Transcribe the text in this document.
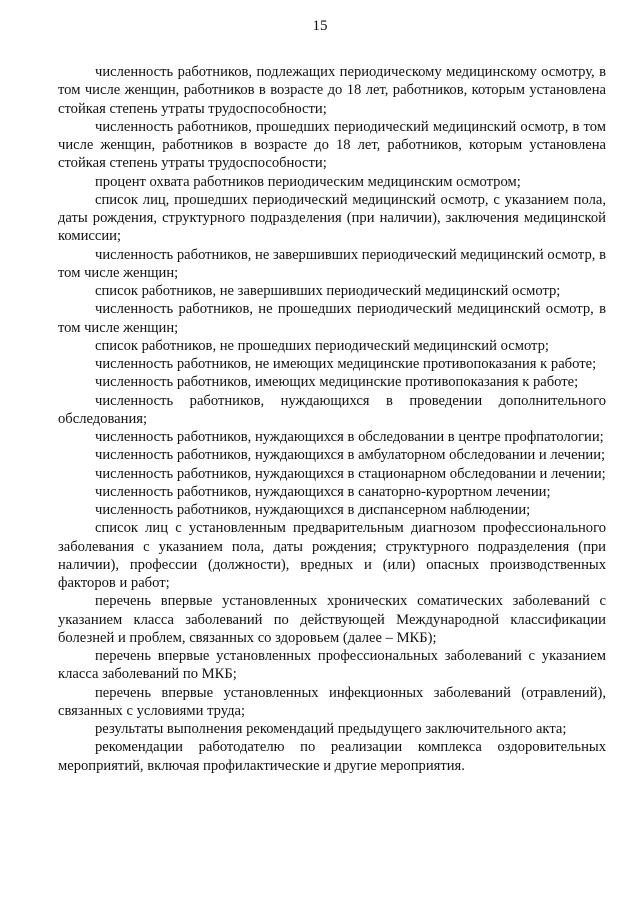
15

численность работников, подлежащих периодическому медицинскому осмотру, в том числе женщин, работников в возрасте до 18 лет, работников, которым установлена стойкая степень утраты трудоспособности;

численность работников, прошедших периодический медицинский осмотр, в том числе женщин, работников в возрасте до 18 лет, работников, которым установлена стойкая степень утраты трудоспособности;

процент охвата работников периодическим медицинским осмотром;

список лиц, прошедших периодический медицинский осмотр, с указанием пола, даты рождения, структурного подразделения (при наличии), заключения медицинской комиссии;

численность работников, не завершивших периодический медицинский осмотр, в том числе женщин;

список работников, не завершивших периодический медицинский осмотр;

численность работников, не прошедших периодический медицинский осмотр, в том числе женщин;

список работников, не прошедших периодический медицинский осмотр;

численность работников, не имеющих медицинские противопоказания к работе;

численность работников, имеющих медицинские противопоказания к работе;

численность работников, нуждающихся в проведении дополнительного обследования;

численность работников, нуждающихся в обследовании в центре профпатологии;

численность работников, нуждающихся в амбулаторном обследовании и лечении;

численность работников, нуждающихся в стационарном обследовании и лечении;

численность работников, нуждающихся в санаторно-курортном лечении;

численность работников, нуждающихся в диспансерном наблюдении;

список лиц с установленным предварительным диагнозом профессионального заболевания с указанием пола, даты рождения; структурного подразделения (при наличии), профессии (должности), вредных и (или) опасных производственных факторов и работ;

перечень впервые установленных хронических соматических заболеваний с указанием класса заболеваний по действующей Международной классификации болезней и проблем, связанных со здоровьем (далее – МКБ);

перечень впервые установленных профессиональных заболеваний с указанием класса заболеваний по МКБ;

перечень впервые установленных инфекционных заболеваний (отравлений), связанных с условиями труда;

результаты выполнения рекомендаций предыдущего заключительного акта;

рекомендации работодателю по реализации комплекса оздоровительных мероприятий, включая профилактические и другие мероприятия.
